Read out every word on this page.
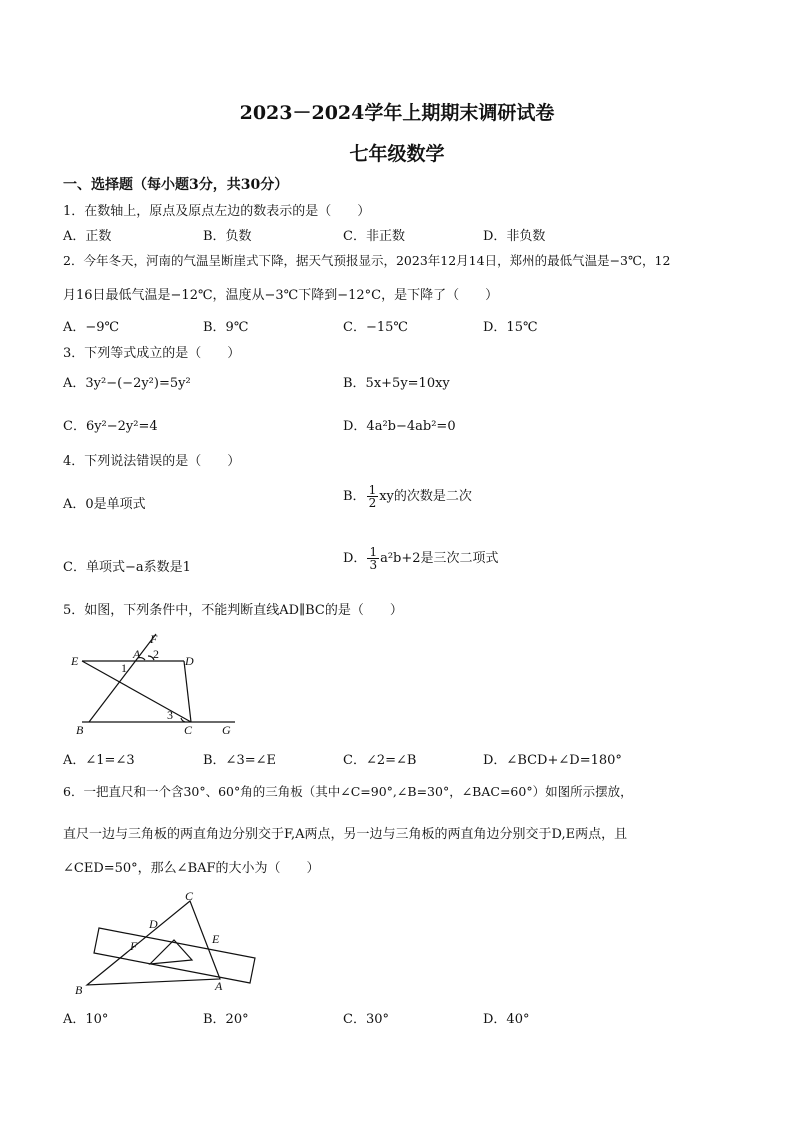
2023－2024学年上期期末调研试卷
七年级数学
一、选择题（每小题3分，共30分）
1．在数轴上，原点及原点左边的数表示的是（　　）
A．正数	B．负数	C．非正数	D．非负数
2．今年冬天，河南的气温呈断崖式下降，据天气预报显示，2023年12月14日，郑州的最低气温是−3℃，12
月16日最低气温是−12℃，温度从−3℃下降到−12°C，是下降了（　　）
A．−9℃	B．9℃	C．−15℃	D．15℃
3．下列等式成立的是（　　）
A．3y²−(−2y²)=5y²	B．5x+5y=10xy
C．6y²−2y²=4	D．4a²b−4ab²=0
4．下列说法错误的是（　　）
A．0是单项式
B． $\frac{1}{2}$ xy的次数是二次
C．单项式−a系数是1
D． $\frac{1}{3} a^2b+2$是三次二项式
5．如图，下列条件中，不能判断直线AD∥BC的是（　　）
F
A 2
E	1	D
B
3
C G
A．∠1=∠3	B．∠3=∠E	C．∠2=∠B	D．∠BCD+∠D=180°
6．一把直尺和一个含30°、60°角的三角板（其中∠C=90°,∠B=30°，∠BAC=60°）如图所示摆放，
直尺一边与三角板的两直角边分别交于F,A两点，另一边与三角板的两直角边分别交于D,E两点，且
∠CED=50°，那么∠BAF的大小为（　　）
C
D
E
F
B	A
A．10°	B．20°	C．30°	D．40°
